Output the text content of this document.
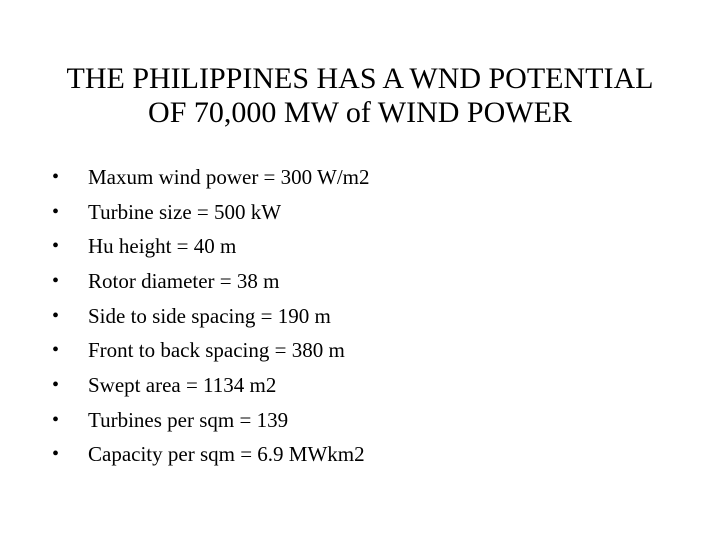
THE PHILIPPINES HAS A WND POTENTIAL
OF 70,000 MW of WIND POWER
•	Maxum wind power = 300 W/m2
•	Turbine size = 500 kW
•	Hu height = 40 m
•	Rotor diameter = 38 m
•	Side to side spacing = 190 m
•	Front to back spacing = 380 m
•	Swept area = 1134 m2
•	Turbines per sqm = 139
•	Capacity per sqm = 6.9 MWkm2
